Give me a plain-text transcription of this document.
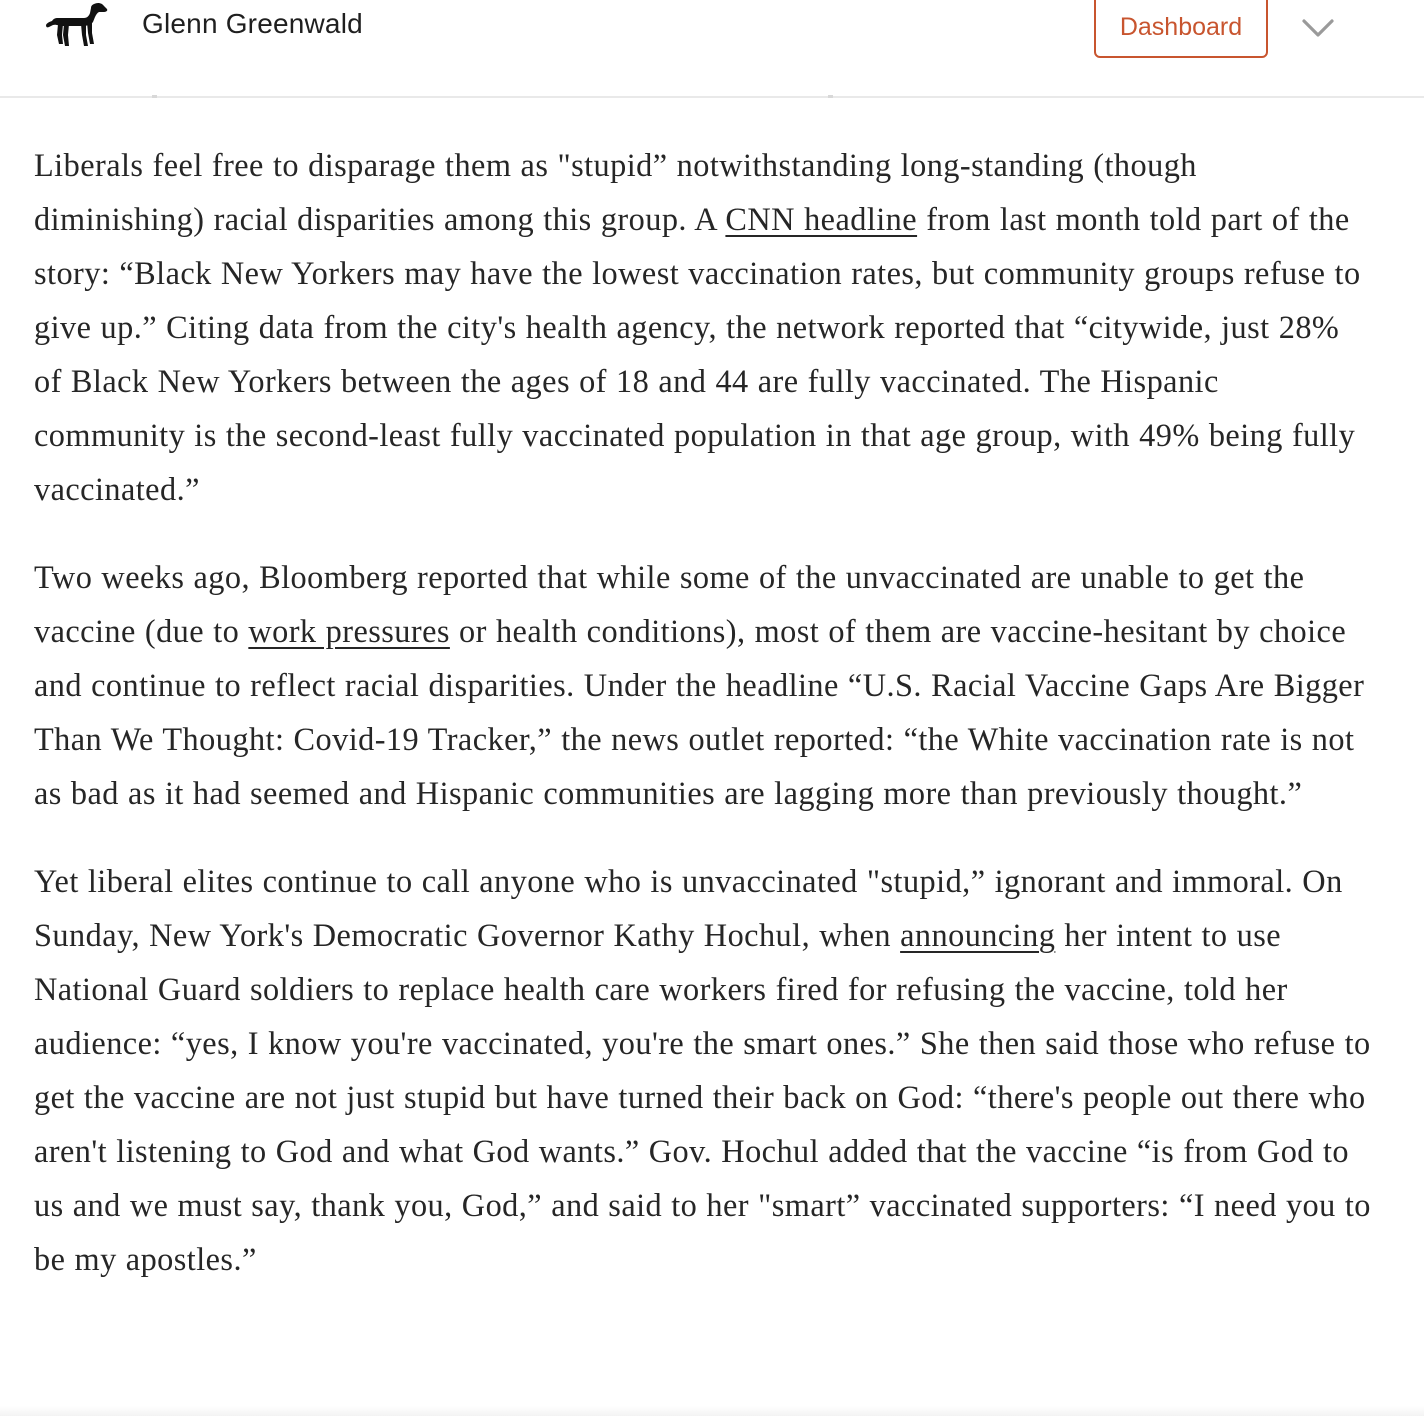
Glenn Greenwald	Dashboard

Liberals feel free to disparage them as "stupid” notwithstanding long-standing (though diminishing) racial disparities among this group. A CNN headline from last month told part of the story: “Black New Yorkers may have the lowest vaccination rates, but community groups refuse to give up.” Citing data from the city's health agency, the network reported that “citywide, just 28% of Black New Yorkers between the ages of 18 and 44 are fully vaccinated. The Hispanic community is the second-least fully vaccinated population in that age group, with 49% being fully vaccinated.”

Two weeks ago, Bloomberg reported that while some of the unvaccinated are unable to get the vaccine (due to work pressures or health conditions), most of them are vaccine-hesitant by choice and continue to reflect racial disparities. Under the headline “U.S. Racial Vaccine Gaps Are Bigger Than We Thought: Covid-19 Tracker,” the news outlet reported: “the White vaccination rate is not as bad as it had seemed and Hispanic communities are lagging more than previously thought.”

Yet liberal elites continue to call anyone who is unvaccinated "stupid,” ignorant and immoral. On Sunday, New York's Democratic Governor Kathy Hochul, when announcing her intent to use National Guard soldiers to replace health care workers fired for refusing the vaccine, told her audience: “yes, I know you're vaccinated, you're the smart ones.” She then said those who refuse to get the vaccine are not just stupid but have turned their back on God: “there's people out there who aren't listening to God and what God wants.” Gov. Hochul added that the vaccine “is from God to us and we must say, thank you, God,” and said to her "smart” vaccinated supporters: “I need you to be my apostles.”
